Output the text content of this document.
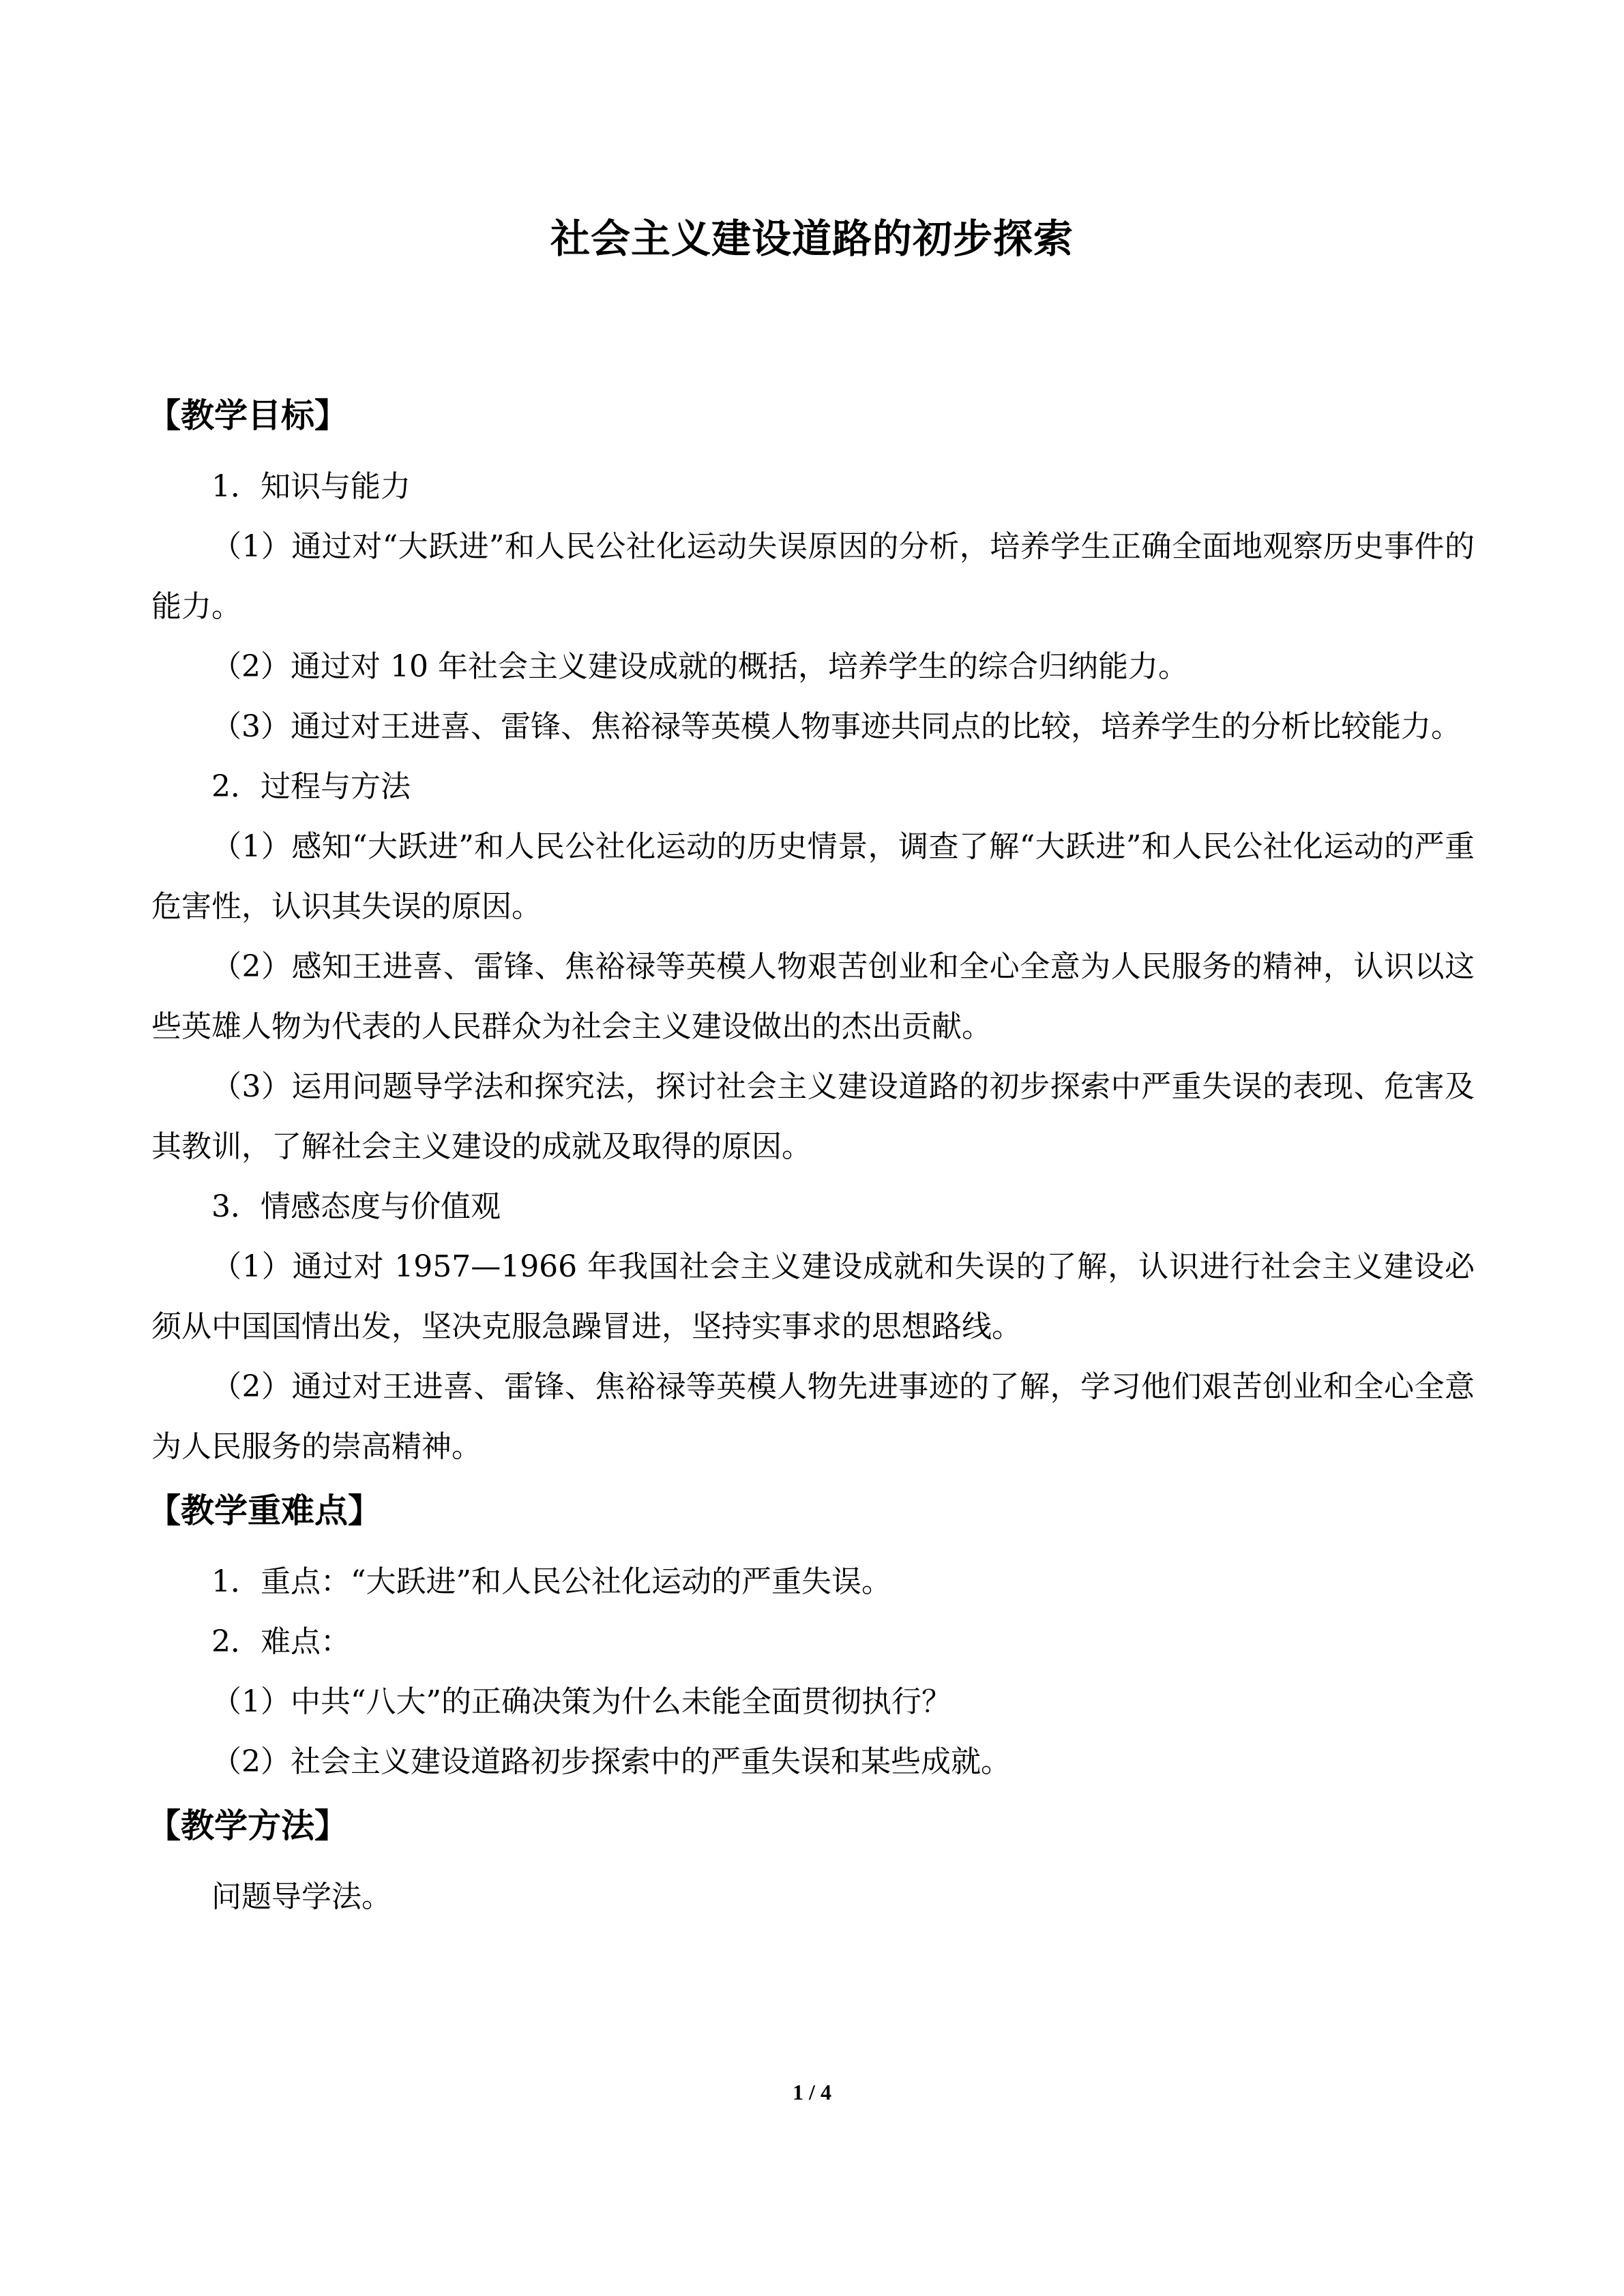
社会主义建设道路的初步探索
【教学目标】

1．知识与能力

（1）通过对“大跃进”和人民公社化运动失误原因的分析，培养学生正确全面地观察历史事件的能力。

（2）通过对 10 年社会主义建设成就的概括，培养学生的综合归纳能力。

（3）通过对王进喜、雷锋、焦裕禄等英模人物事迹共同点的比较，培养学生的分析比较能力。

2．过程与方法

（1）感知“大跃进”和人民公社化运动的历史情景，调查了解“大跃进”和人民公社化运动的严重危害性，认识其失误的原因。

（2）感知王进喜、雷锋、焦裕禄等英模人物艰苦创业和全心全意为人民服务的精神，认识以这些英雄人物为代表的人民群众为社会主义建设做出的杰出贡献。

（3）运用问题导学法和探究法，探讨社会主义建设道路的初步探索中严重失误的表现、危害及其教训，了解社会主义建设的成就及取得的原因。

3．情感态度与价值观

（1）通过对 1957—1966 年我国社会主义建设成就和失误的了解，认识进行社会主义建设必须从中国国情出发，坚决克服急躁冒进，坚持实事求的思想路线。

（2）通过对王进喜、雷锋、焦裕禄等英模人物先进事迹的了解，学习他们艰苦创业和全心全意为人民服务的崇高精神。

【教学重难点】

1．重点：“大跃进”和人民公社化运动的严重失误。

2．难点：

（1）中共“八大”的正确决策为什么未能全面贯彻执行？

（2）社会主义建设道路初步探索中的严重失误和某些成就。

【教学方法】

问题导学法。

1 / 4
